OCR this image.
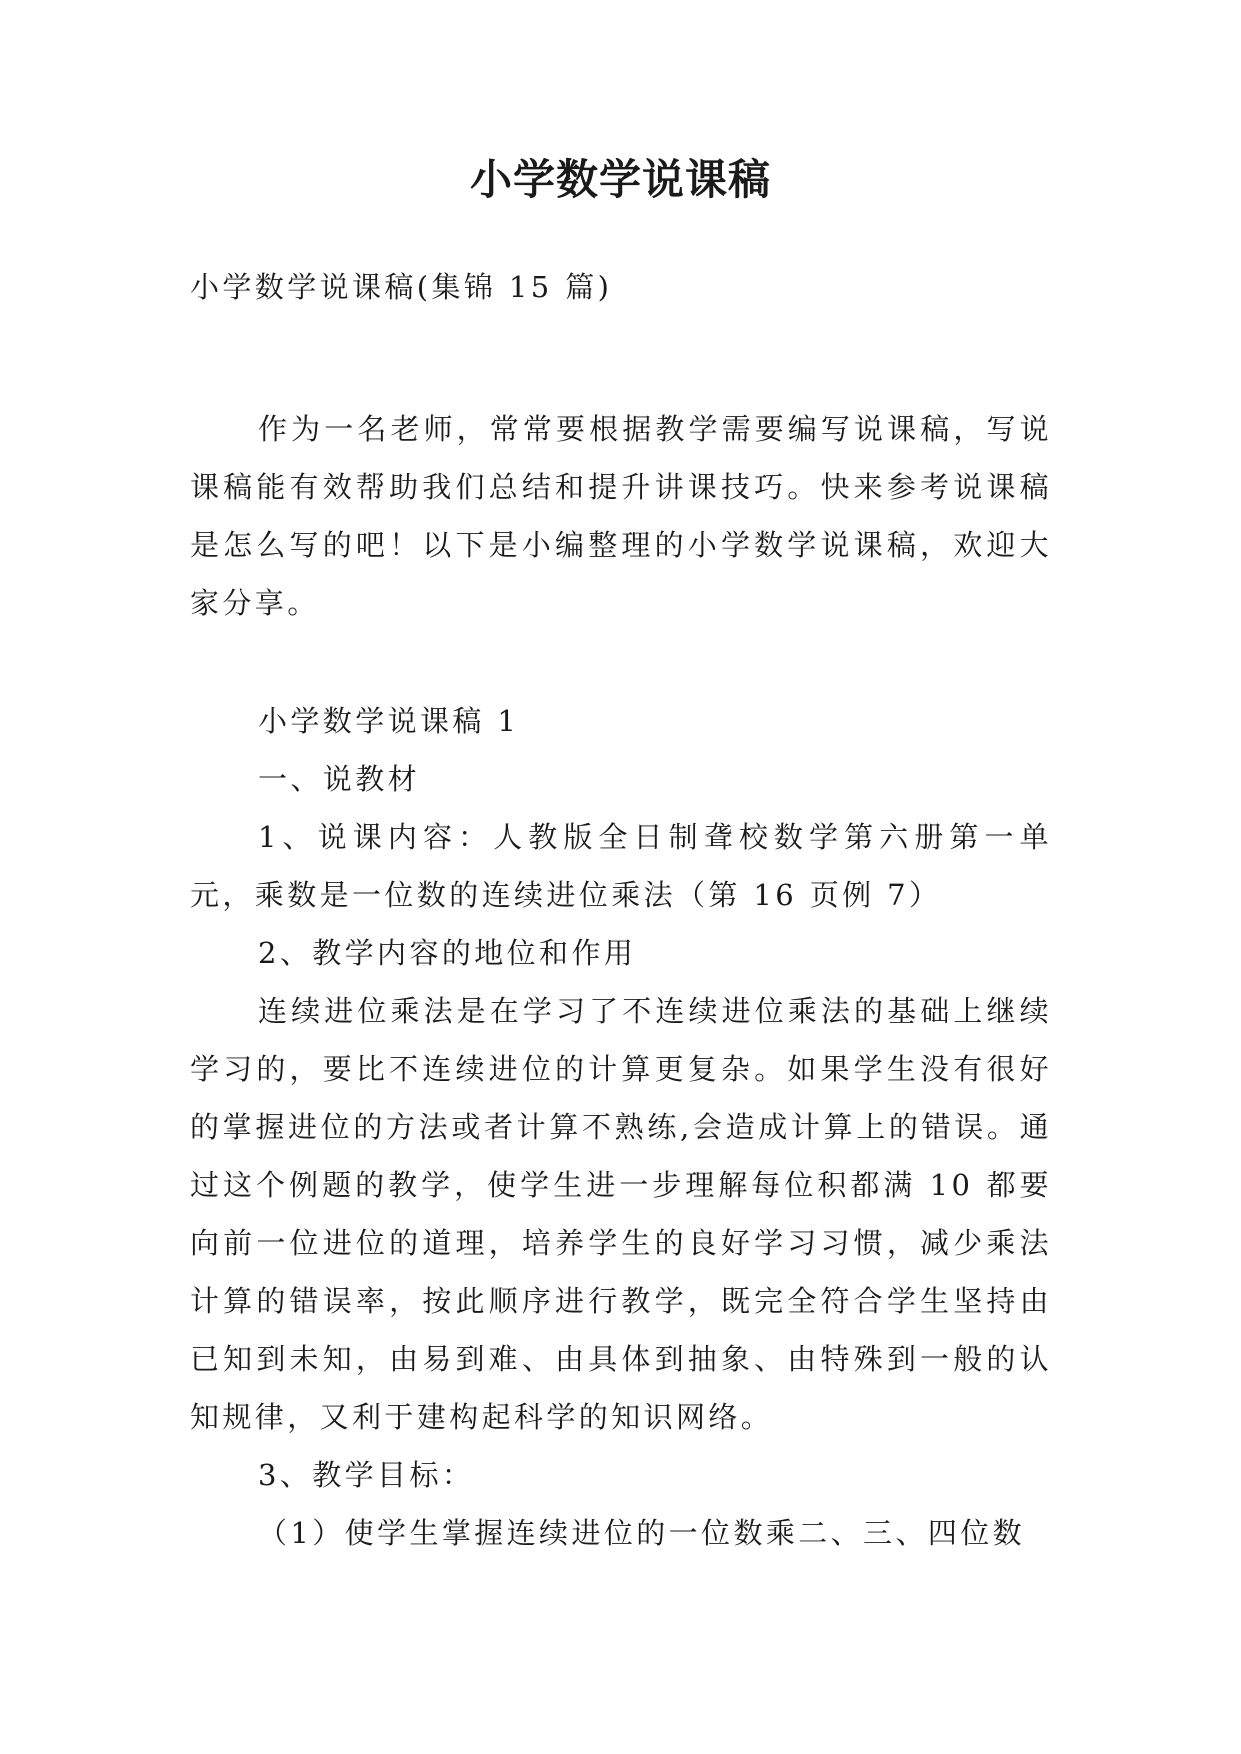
小学数学说课稿

小学数学说课稿(集锦 15 篇)

作为一名老师，常常要根据教学需要编写说课稿，写说课稿能有效帮助我们总结和提升讲课技巧。快来参考说课稿是怎么写的吧！以下是小编整理的小学数学说课稿，欢迎大家分享。

小学数学说课稿 1

一、说教材

1、说课内容：人教版全日制聋校数学第六册第一单元，乘数是一位数的连续进位乘法（第 16 页例 7）

2、教学内容的地位和作用

连续进位乘法是在学习了不连续进位乘法的基础上继续学习的，要比不连续进位的计算更复杂。如果学生没有很好的掌握进位的方法或者计算不熟练,会造成计算上的错误。通过这个例题的教学，使学生进一步理解每位积都满 10 都要向前一位进位的道理，培养学生的良好学习习惯，减少乘法计算的错误率，按此顺序进行教学，既完全符合学生坚持由已知到未知，由易到难、由具体到抽象、由特殊到一般的认知规律，又利于建构起科学的知识网络。

3、教学目标：

（1）使学生掌握连续进位的一位数乘二、三、四位数
